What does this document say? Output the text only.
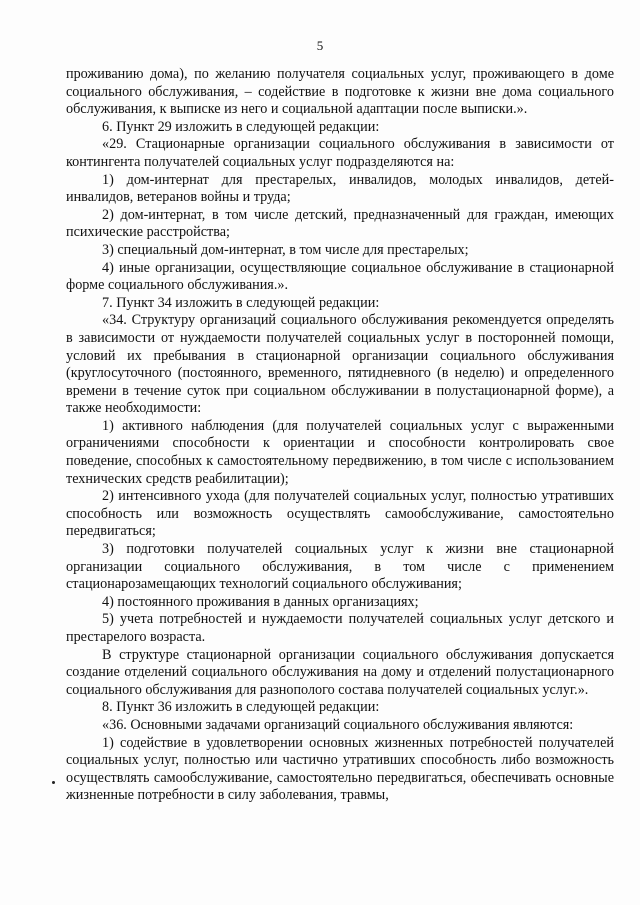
5

проживанию дома), по желанию получателя социальных услуг, проживающего в доме социального обслуживания, – содействие в подготовке к жизни вне дома социального обслуживания, к выписке из него и социальной адаптации после выписки.».

6. Пункт 29 изложить в следующей редакции:

«29. Стационарные организации социального обслуживания в зависимости от контингента получателей социальных услуг подразделяются на:

1) дом-интернат для престарелых, инвалидов, молодых инвалидов, детей-инвалидов, ветеранов войны и труда;

2) дом-интернат, в том числе детский, предназначенный для граждан, имеющих психические расстройства;

3) специальный дом-интернат, в том числе для престарелых;

4) иные организации, осуществляющие социальное обслуживание в стационарной форме социального обслуживания.».

7. Пункт 34 изложить в следующей редакции:

«34. Структуру организаций социального обслуживания рекомендуется определять в зависимости от нуждаемости получателей социальных услуг в посторонней помощи, условий их пребывания в стационарной организации социального обслуживания (круглосуточного (постоянного, временного, пятидневного (в неделю) и определенного времени в течение суток при социальном обслуживании в полустационарной форме), а также необходимости:

1) активного наблюдения (для получателей социальных услуг с выраженными ограничениями способности к ориентации и способности контролировать свое поведение, способных к самостоятельному передвижению, в том числе с использованием технических средств реабилитации);

2) интенсивного ухода (для получателей социальных услуг, полностью утративших способность или возможность осуществлять самообслуживание, самостоятельно передвигаться;

3) подготовки получателей социальных услуг к жизни вне стационарной организации социального обслуживания, в том числе с применением стационарозамещающих технологий социального обслуживания;

4) постоянного проживания в данных организациях;

5) учета потребностей и нуждаемости получателей социальных услуг детского и престарелого возраста.

В структуре стационарной организации социального обслуживания допускается создание отделений социального обслуживания на дому и отделений полустационарного социального обслуживания для разнополого состава получателей социальных услуг.».

8. Пункт 36 изложить в следующей редакции:

«36. Основными задачами организаций социального обслуживания являются:

1) содействие в удовлетворении основных жизненных потребностей получателей социальных услуг, полностью или частично утративших способность либо возможность осуществлять самообслуживание, самостоятельно передвигаться, обеспечивать основные жизненные потребности в силу заболевания, травмы,
